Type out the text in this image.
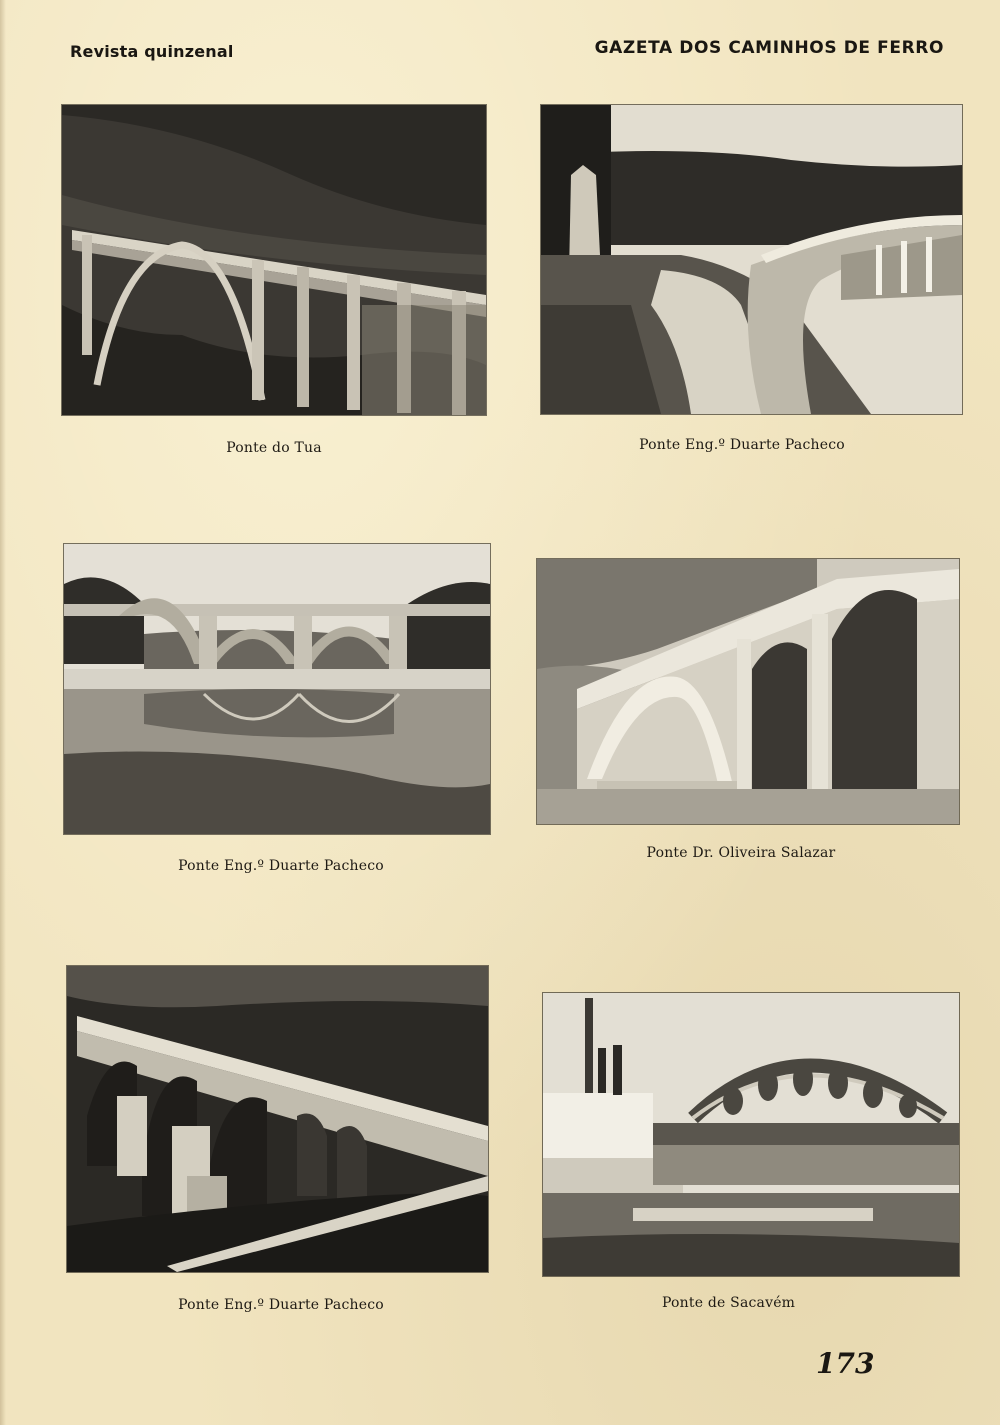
Revista quinzenal	GAZETA DOS CAMINHOS DE FERRO
Ponte do Tua	Ponte Eng.º Duarte Pacheco
Ponte Eng.º Duarte Pacheco
Ponte Dr. Oliveira Salazar
Ponte Eng.º Duarte Pacheco	Ponte de Sacavém
173
